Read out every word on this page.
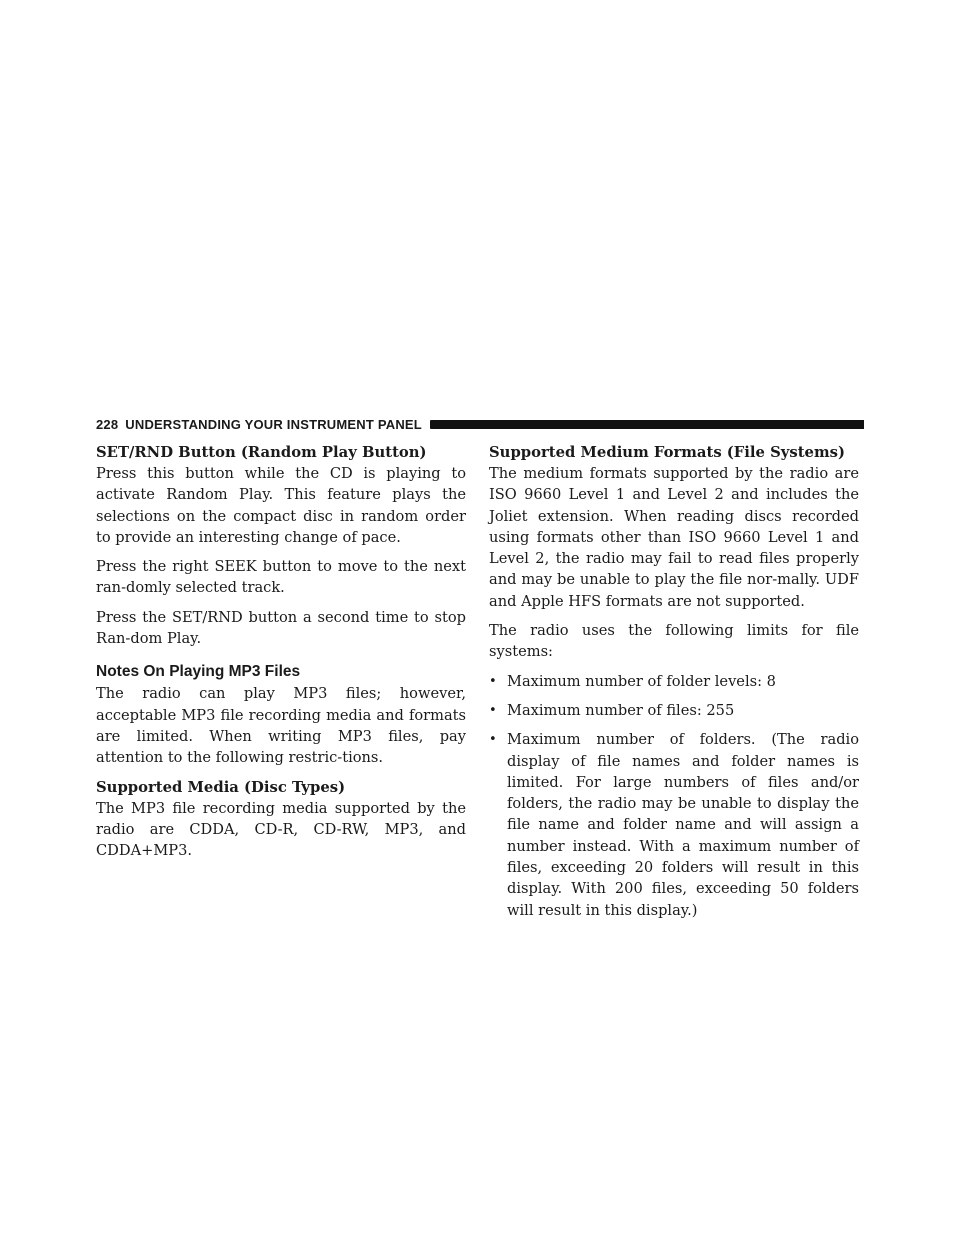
228 UNDERSTANDING YOUR INSTRUMENT PANEL
SET/RND Button (Random Play Button)

Press this button while the CD is playing to activate Random Play. This feature plays the selections on the compact disc in random order to provide an interesting change of pace.

Press the right SEEK button to move to the next ran-domly selected track.

Press the SET/RND button a second time to stop Ran-dom Play.

Notes On Playing MP3 Files

The radio can play MP3 files; however, acceptable MP3 file recording media and formats are limited. When writing MP3 files, pay attention to the following restric-tions.

Supported Media (Disc Types)

The MP3 file recording media supported by the radio are CDDA, CD-R, CD-RW, MP3, and CDDA+MP3.

Supported Medium Formats (File Systems)

The medium formats supported by the radio are ISO 9660 Level 1 and Level 2 and includes the Joliet extension. When reading discs recorded using formats other than ISO 9660 Level 1 and Level 2, the radio may fail to read files properly and may be unable to play the file nor-mally. UDF and Apple HFS formats are not supported.

The radio uses the following limits for file systems:

• Maximum number of folder levels: 8
• Maximum number of files: 255
• Maximum number of folders. (The radio display of file names and folder names is limited. For large numbers of files and/or folders, the radio may be unable to display the file name and folder name and will assign a number instead. With a maximum number of files, exceeding 20 folders will result in this display. With 200 files, exceeding 50 folders will result in this display.)
